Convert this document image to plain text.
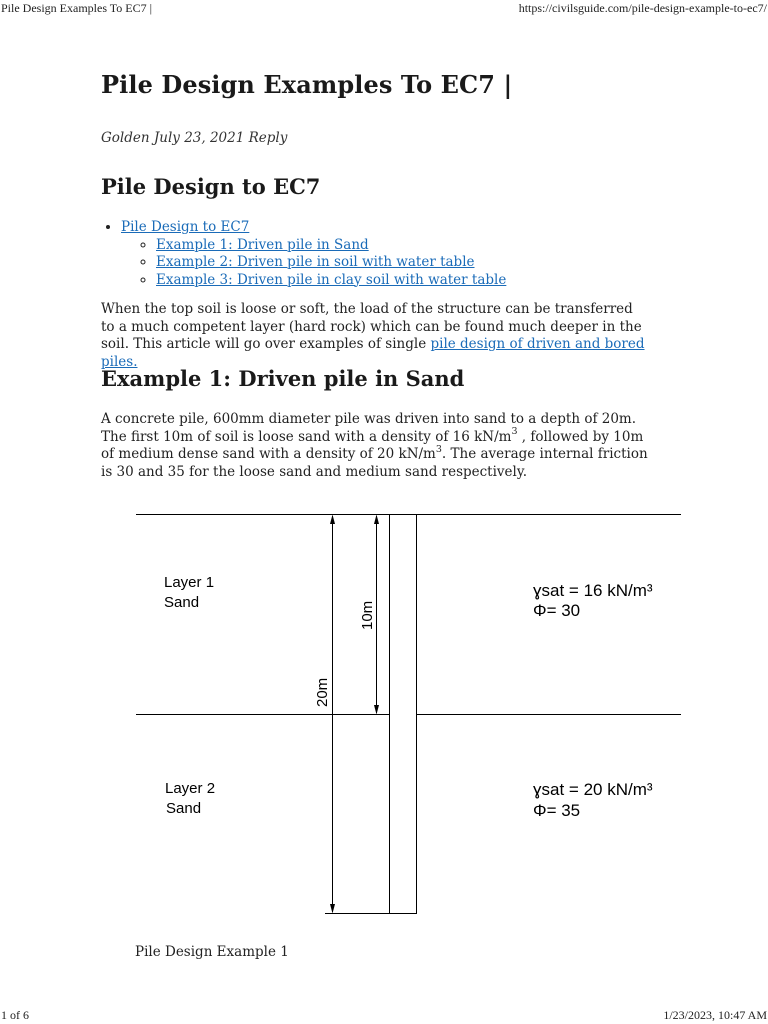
Pile Design Examples To EC7 |	https://civilsguide.com/pile-design-example-to-ec7/
Pile Design Examples To EC7 |

Golden July 23, 2021 Reply

Pile Design to EC7
• Pile Design to EC7
◦ Example 1: Driven pile in Sand
◦ Example 2: Driven pile in soil with water table
◦ Example 3: Driven pile in clay soil with water table

When the top soil is loose or soft, the load of the structure can be transferred to a much competent layer (hard rock) which can be found much deeper in the soil. This article will go over examples of single pile design of driven and bored piles.

Example 1: Driven pile in Sand

A concrete pile, 600mm diameter pile was driven into sand to a depth of 20m. The first 10m of soil is loose sand with a density of 16 $kN/m^3$ , followed by 10m of medium dense sand with a density of 20 $kN/m^3$. The average internal friction is 30 and 35 for the loose sand and medium sand respectively.

Layer 1
Sand
ɣsat = 16 kN/m³
Φ= 30
Layer 2
Sand
ɣsat = 20 kN/m³
Φ= 35
10m
20m
Pile Design Example 1
1 of 6	1/23/2023, 10:47 AM
